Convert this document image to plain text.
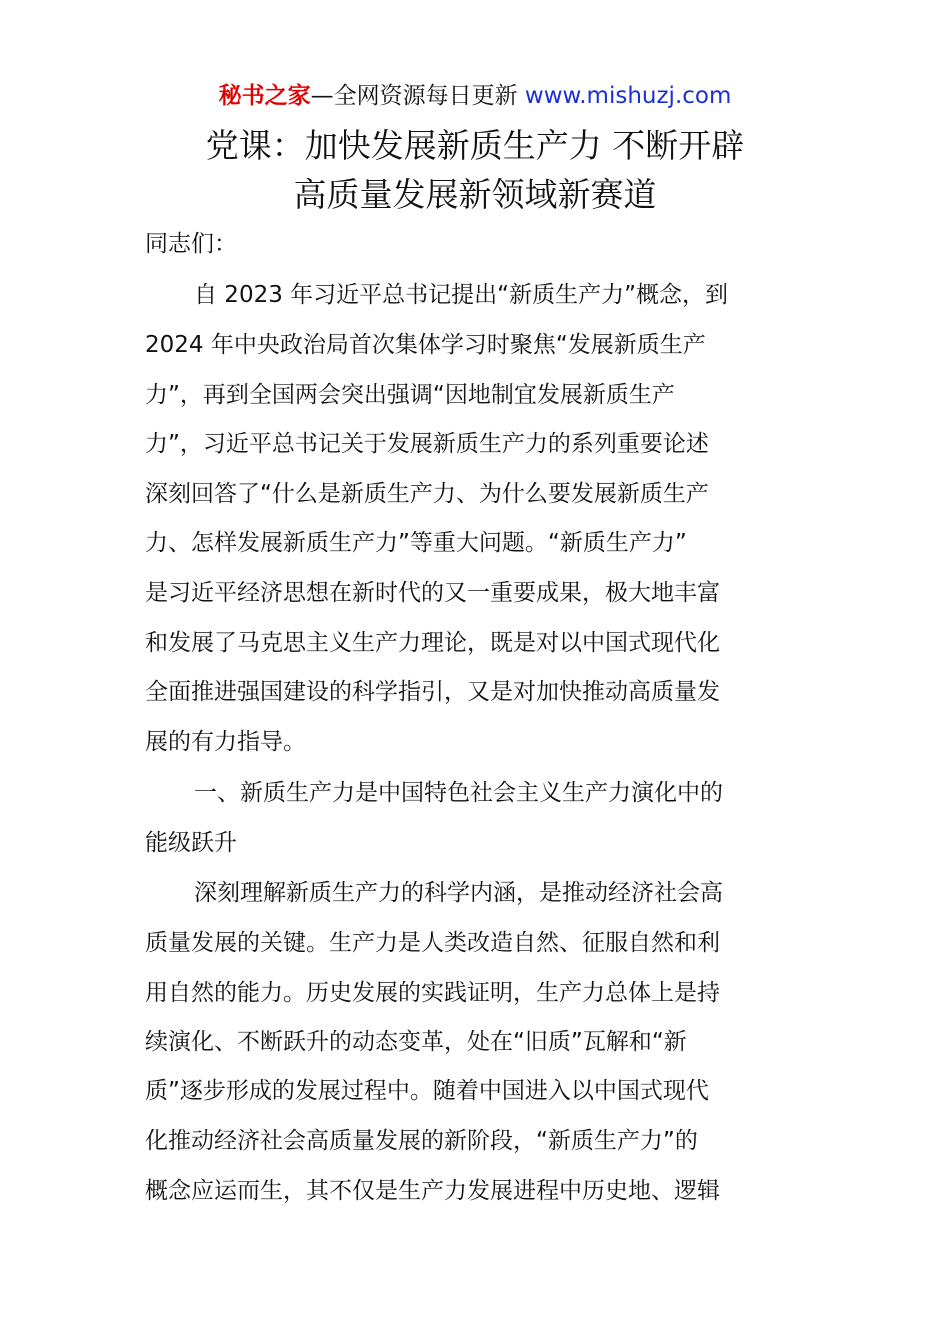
秘书之家—全网资源每日更新 www.mishuzj.com
党课：加快发展新质生产力 不断开辟
高质量发展新领域新赛道
同志们：
自 2023 年习近平总书记提出“新质生产力”概念，到
2024 年中央政治局首次集体学习时聚焦“发展新质生产
力”，再到全国两会突出强调“因地制宜发展新质生产
力”，习近平总书记关于发展新质生产力的系列重要论述
深刻回答了“什么是新质生产力、为什么要发展新质生产
力、怎样发展新质生产力”等重大问题。“新质生产力”
是习近平经济思想在新时代的又一重要成果，极大地丰富
和发展了马克思主义生产力理论，既是对以中国式现代化
全面推进强国建设的科学指引，又是对加快推动高质量发
展的有力指导。
一、新质生产力是中国特色社会主义生产力演化中的
能级跃升
深刻理解新质生产力的科学内涵，是推动经济社会高
质量发展的关键。生产力是人类改造自然、征服自然和利
用自然的能力。历史发展的实践证明，生产力总体上是持
续演化、不断跃升的动态变革，处在“旧质”瓦解和“新
质”逐步形成的发展过程中。随着中国进入以中国式现代
化推动经济社会高质量发展的新阶段，“新质生产力”的
概念应运而生，其不仅是生产力发展进程中历史地、逻辑
